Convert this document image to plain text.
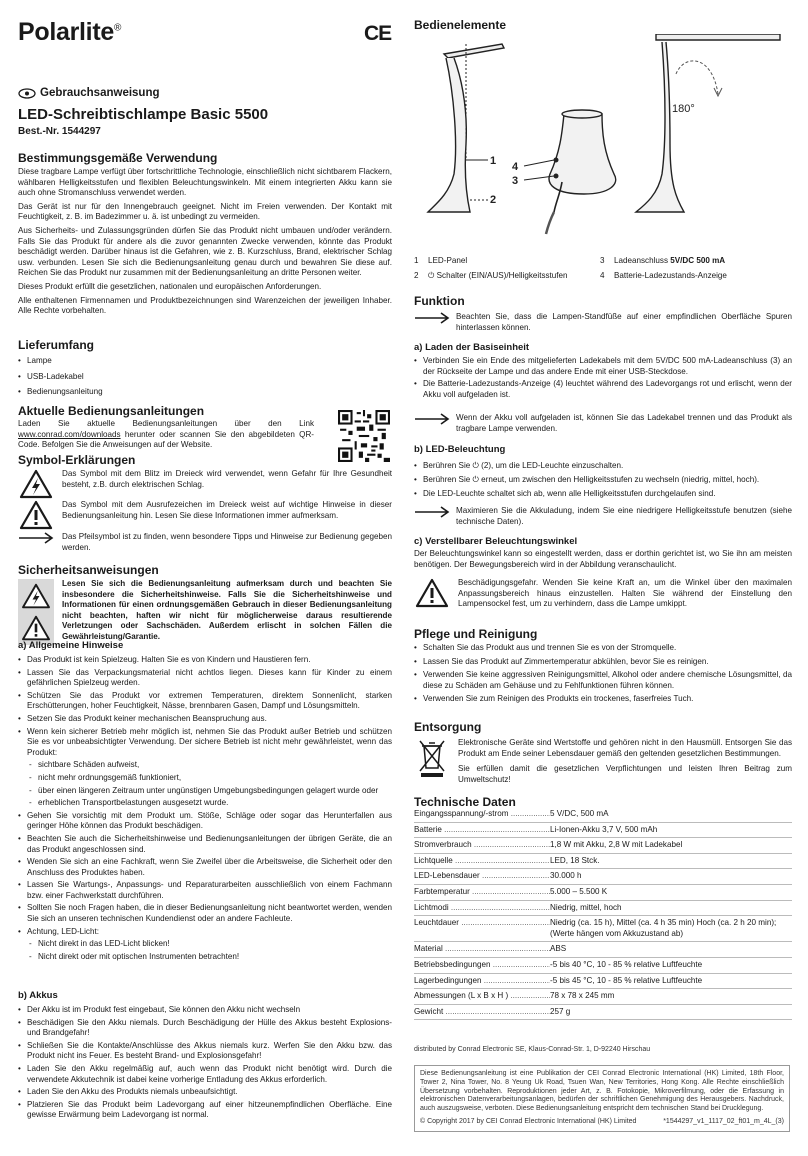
Polarlite®	CE
Gebrauchsanweisung
LED-Schreibtischlampe Basic 5500
Best.-Nr. 1544297
Bestimmungsgemäße Verwendung

Diese tragbare Lampe verfügt über fortschrittliche Technologie, einschließlich nicht sichtbarem Flackern, wählbaren Helligkeitsstufen und flexiblen Beleuchtungswinkeln. Mit einem integrierten Akku kann sie auch ohne Stromanschluss verwendet werden.

Das Gerät ist nur für den Innengebrauch geeignet. Nicht im Freien verwenden. Der Kontakt mit Feuchtigkeit, z. B. im Badezimmer u. ä. ist unbedingt zu vermeiden.

Aus Sicherheits- und Zulassungsgründen dürfen Sie das Produkt nicht umbauen und/oder verändern. Falls Sie das Produkt für andere als die zuvor genannten Zwecke verwenden, könnte das Produkt beschädigt werden. Darüber hinaus ist die Gefahren, wie z. B. Kurzschluss, Brand, elektrischer Schlag usw. verbunden. Lesen Sie sich die Bedienungsanleitung genau durch und bewahren Sie diese auf. Reichen Sie das Produkt nur zusammen mit der Bedienungsanleitung an dritte Personen weiter.

Dieses Produkt erfüllt die gesetzlichen, nationalen und europäischen Anforderungen.

Alle enthaltenen Firmennamen und Produktbezeichnungen sind Warenzeichen der jeweiligen Inhaber. Alle Rechte vorbehalten.

Lieferumfang
• Lampe
• USB-Ladekabel
• Bedienungsanleitung
Aktuelle Bedienungsanleitungen
Laden Sie aktuelle Bedienungsanleitungen über den Link www.conrad.com/downloads herunter oder scannen Sie den abgebildeten QR-Code. Befolgen Sie die Anweisungen auf der Website.
Symbol-Erklärungen
Das Symbol mit dem Blitz im Dreieck wird verwendet, wenn Gefahr für Ihre Gesundheit besteht, z.B. durch elektrischen Schlag.
Das Symbol mit dem Ausrufezeichen im Dreieck weist auf wichtige Hinweise in dieser Bedienungsanleitung hin. Lesen Sie diese Informationen immer aufmerksam.
Das Pfeilsymbol ist zu finden, wenn besondere Tipps und Hinweise zur Bedienung gegeben werden.
Sicherheitsanweisungen
Lesen Sie sich die Bedienungsanleitung aufmerksam durch und beachten Sie insbesondere die Sicherheitshinweise. Falls Sie die Sicherheitshinweise und Informationen für einen ordnungsgemäßen Gebrauch in dieser Bedienungsanleitung nicht beachten, haften wir nicht für möglicherweise daraus resultierende Verletzungen oder Sachschäden. Außerdem erlischt in solchen Fällen die Gewährleistung/Garantie.
a) Allgemeine Hinweise
• Das Produkt ist kein Spielzeug. Halten Sie es von Kindern und Haustieren fern.
• Lassen Sie das Verpackungsmaterial nicht achtlos liegen. Dieses kann für Kinder zu einem gefährlichen Spielzeug werden.
• Schützen Sie das Produkt vor extremen Temperaturen, direktem Sonnenlicht, starken Erschütterungen, hoher Feuchtigkeit, Nässe, brennbaren Gasen, Dampf und Lösungsmitteln.
• Setzen Sie das Produkt keiner mechanischen Beanspruchung aus.
• Wenn kein sicherer Betrieb mehr möglich ist, nehmen Sie das Produkt außer Betrieb und schützen Sie es vor unbeabsichtigter Verwendung. Der sichere Betrieb ist nicht mehr gewährleistet, wenn das Produkt:
- sichtbare Schäden aufweist,
- nicht mehr ordnungsgemäß funktioniert,
- über einen längeren Zeitraum unter ungünstigen Umgebungsbedingungen gelagert wurde oder
- erheblichen Transportbelastungen ausgesetzt wurde.
• Gehen Sie vorsichtig mit dem Produkt um. Stöße, Schläge oder sogar das Herunterfallen aus geringer Höhe können das Produkt beschädigen.
• Beachten Sie auch die Sicherheitshinweise und Bedienungsanleitungen der übrigen Geräte, die an das Produkt angeschlossen sind.
• Wenden Sie sich an eine Fachkraft, wenn Sie Zweifel über die Arbeitsweise, die Sicherheit oder den Anschluss des Produktes haben.
• Lassen Sie Wartungs-, Anpassungs- und Reparaturarbeiten ausschließlich von einem Fachmann bzw. einer Fachwerkstatt durchführen.
• Sollten Sie noch Fragen haben, die in dieser Bedienungsanleitung nicht beantwortet werden, wenden Sie sich an unseren technischen Kundendienst oder an andere Fachleute.
• Achtung, LED-Licht:
- Nicht direkt in das LED-Licht blicken!
- Nicht direkt oder mit optischen Instrumenten betrachten!
b) Akkus
• Der Akku ist im Produkt fest eingebaut, Sie können den Akku nicht wechseln
• Beschädigen Sie den Akku niemals. Durch Beschädigung der Hülle des Akkus besteht Explosions- und Brandgefahr!
• Schließen Sie die Kontakte/Anschlüsse des Akkus niemals kurz. Werfen Sie den Akku bzw. das Produkt nicht ins Feuer. Es besteht Brand- und Explosionsgefahr!
• Laden Sie den Akku regelmäßig auf, auch wenn das Produkt nicht benötigt wird. Durch die verwendete Akkutechnik ist dabei keine vorherige Entladung des Akkus erforderlich.
• Laden Sie den Akku des Produkts niemals unbeaufsichtigt.
• Platzieren Sie das Produkt beim Ladevorgang auf einer hitzeunempfindlichen Oberfläche. Eine gewisse Erwärmung beim Ladevorgang ist normal.
Bedienelemente
1
2
4
3
180°
1	LED-Panel	3	Ladeanschluss 5V/DC 500 mA
2	⏻ Schalter (EIN/AUS)/Helligkeitsstufen	4	Batterie-Ladezustands-Anzeige
Funktion
Beachten Sie, dass die Lampen-Standfüße auf einer empfindlichen Oberfläche Spuren hinterlassen können.
a) Laden der Basiseinheit
• Verbinden Sie ein Ende des mitgelieferten Ladekabels mit dem 5V/DC 500 mA-Ladeanschluss (3) an der Rückseite der Lampe und das andere Ende mit einer USB-Steckdose.
• Die Batterie-Ladezustands-Anzeige (4) leuchtet während des Ladevorgangs rot und erlischt, wenn der Akku voll aufgeladen ist.
Wenn der Akku voll aufgeladen ist, können Sie das Ladekabel trennen und das Produkt als tragbare Lampe verwenden.
b) LED-Beleuchtung
• Berühren Sie ⏻ (2), um die LED-Leuchte einzuschalten.
• Berühren Sie ⏻ erneut, um zwischen den Helligkeitsstufen zu wechseln (niedrig, mittel, hoch).
• Die LED-Leuchte schaltet sich ab, wenn alle Helligkeitsstufen durchgelaufen sind.
Maximieren Sie die Akkuladung, indem Sie eine niedrigere Helligkeitsstufe benutzen (siehe technische Daten).
c) Verstellbarer Beleuchtungswinkel
Der Beleuchtungswinkel kann so eingestellt werden, dass er dorthin gerichtet ist, wo Sie ihn am meisten benötigen. Der Bewegungsbereich wird in der Abbildung veranschaulicht.
Beschädigungsgefahr. Wenden Sie keine Kraft an, um die Winkel über den maximalen Anpassungsbereich hinaus einzustellen. Halten Sie während der Einstellung den Lampensockel fest, um zu verhindern, dass die Lampe umkippt.
Pflege und Reinigung
• Schalten Sie das Produkt aus und trennen Sie es von der Stromquelle.
• Lassen Sie das Produkt auf Zimmertemperatur abkühlen, bevor Sie es reinigen.
• Verwenden Sie keine aggressiven Reinigungsmittel, Alkohol oder andere chemische Lösungsmittel, da diese zu Schäden am Gehäuse und zu Fehlfunktionen führen können.
• Verwenden Sie zum Reinigen des Produkts ein trockenes, faserfreies Tuch.
Entsorgung

Elektronische Geräte sind Wertstoffe und gehören nicht in den Hausmüll. Entsorgen Sie das Produkt am Ende seiner Lebensdauer gemäß den geltenden gesetzlichen Bestimmungen.

Sie erfüllen damit die gesetzlichen Verpflichtungen und leisten Ihren Beitrag zum Umweltschutz!

Technische Daten
Eingangsspannung/-strom .....	5 V/DC, 500 mA
Batterie .....	Li-Ionen-Akku 3,7 V, 500 mAh
Stromverbrauch .....	1,8 W mit Akku, 2,8 W mit Ladekabel
Lichtquelle .....	LED, 18 Stck.
LED-Lebensdauer .....	30.000 h
Farbtemperatur .....	5.000 – 5.500 K
Lichtmodi .....	Niedrig, mittel, hoch
Leuchtdauer .....	Niedrig (ca. 15 h), Mittel (ca. 4 h 35 min) Hoch (ca. 2 h 20 min); (Werte hängen vom Akkuzustand ab)
Material .....	ABS
Betriebsbedingungen .....	-5 bis 40 °C, 10 - 85 % relative Luftfeuchte
Lagerbedingungen .....	-5 bis 45 °C, 10 - 85 % relative Luftfeuchte
Abmessungen (L x B x H ) .....	78 x 78 x 245 mm
Gewicht .....	257 g
distributed by Conrad Electronic SE, Klaus-Conrad-Str. 1, D-92240 Hirschau

Diese Bedienungsanleitung ist eine Publikation der CEI Conrad Electronic International (HK) Limited, 18th Floor, Tower 2, Nina Tower, No. 8 Yeung Uk Road, Tsuen Wan, New Territories, Hong Kong. Alle Rechte einschließlich Übersetzung vorbehalten. Reproduktionen jeder Art, z. B. Fotokopie, Mikroverfilmung, oder die Erfassung in elektronischen Datenverarbeitungsanlagen, bedürfen der schriftlichen Genehmigung des Herausgebers. Nachdruck, auch auszugsweise, verboten. Diese Bedienungsanleitung entspricht dem technischen Stand bei Drucklegung.

© Copyright 2017 by CEI Conrad Electronic International (HK) Limited	*1544297_v1_1117_02_ft01_m_4L_(3)
